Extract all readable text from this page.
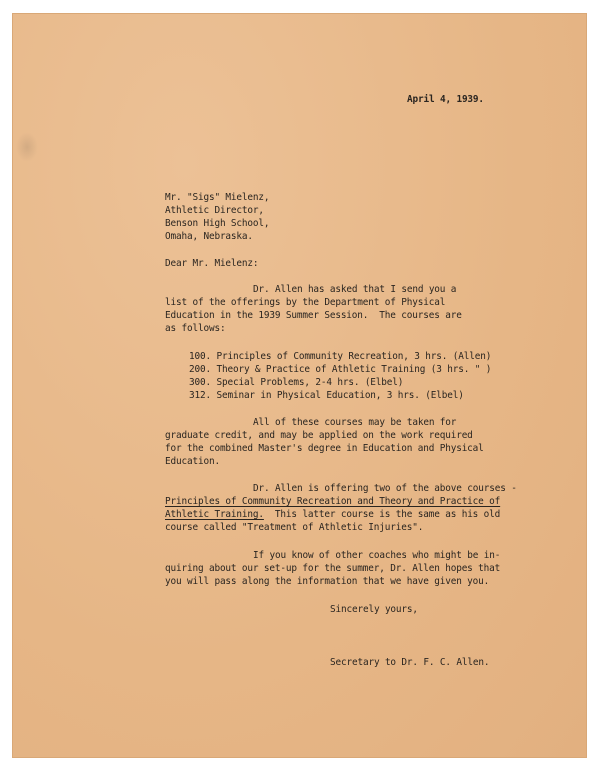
April 4, 1939.
Mr. "Sigs" Mielenz,
Athletic Director,
Benson High School,
Omaha, Nebraska.
Dear Mr. Mielenz:
Dr. Allen has asked that I send you a
list of the offerings by the Department of Physical
Education in the 1939 Summer Session.  The courses are
as follows:
100. Principles of Community Recreation, 3 hrs. (Allen)
200. Theory & Practice of Athletic Training (3 hrs. " )
300. Special Problems, 2-4 hrs. (Elbel)
312. Seminar in Physical Education, 3 hrs. (Elbel)
All of these courses may be taken for
graduate credit, and may be applied on the work required
for the combined Master's degree in Education and Physical
Education.
Dr. Allen is offering two of the above courses -
Principles of Community Recreation and Theory and Practice of
Athletic Training.  This latter course is the same as his old
course called "Treatment of Athletic Injuries".
If you know of other coaches who might be in-
quiring about our set-up for the summer, Dr. Allen hopes that
you will pass along the information that we have given you.
Sincerely yours,
Secretary to Dr. F. C. Allen.
